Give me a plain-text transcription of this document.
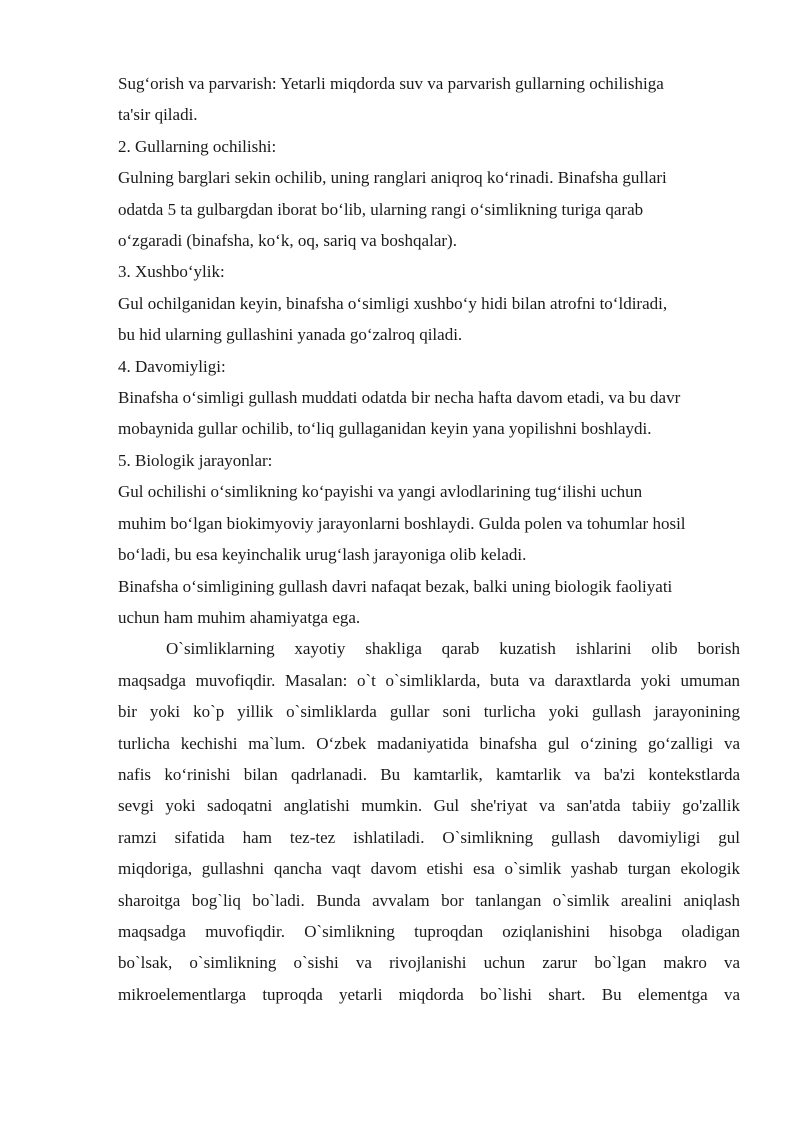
Sug‘orish va parvarish: Yetarli miqdorda suv va parvarish gullarning ochilishiga
ta'sir qiladi.
2. Gullarning ochilishi:
Gulning barglari sekin ochilib, uning ranglari aniqroq ko‘rinadi. Binafsha gullari
odatda 5 ta gulbargdan iborat bo‘lib, ularning rangi o‘simlikning turiga qarab
o‘zgaradi (binafsha, ko‘k, oq, sariq va boshqalar).
3. Xushbo‘ylik:
Gul ochilganidan keyin, binafsha o‘simligi xushbo‘y hidi bilan atrofni to‘ldiradi,
bu hid ularning gullashini yanada go‘zalroq qiladi.
4. Davomiyligi:
Binafsha o‘simligi gullash muddati odatda bir necha hafta davom etadi, va bu davr
mobaynida gullar ochilib, to‘liq gullaganidan keyin yana yopilishni boshlaydi.
5. Biologik jarayonlar:
Gul ochilishi o‘simlikning ko‘payishi va yangi avlodlarining tug‘ilishi uchun
muhim bo‘lgan biokimyoviy jarayonlarni boshlaydi. Gulda polen va tohumlar hosil
bo‘ladi, bu esa keyinchalik urug‘lash jarayoniga olib keladi.
Binafsha o‘simligining gullash davri nafaqat bezak, balki uning biologik faoliyati
uchun ham muhim ahamiyatga ega.
O`simliklarning xayotiy shakliga qarab kuzatish ishlarini olib borish
maqsadga muvofiqdir. Masalan: o`t o`simliklarda, buta va daraxtlarda yoki umuman
bir yoki ko`p yillik o`simliklarda gullar soni turlicha yoki gullash jarayonining
turlicha kechishi ma`lum. O‘zbek madaniyatida binafsha gul o‘zining go‘zalligi va
nafis ko‘rinishi bilan qadrlanadi. Bu kamtarlik, kamtarlik va ba'zi kontekstlarda
sevgi yoki sadoqatni anglatishi mumkin. Gul she'riyat va san'atda tabiiy go'zallik
ramzi sifatida ham tez-tez ishlatiladi. O`simlikning gullash davomiyligi gul
miqdoriga, gullashni qancha vaqt davom etishi esa o`simlik yashab turgan ekologik
sharoitga bog`liq bo`ladi. Bunda avvalam bor tanlangan o`simlik arealini aniqlash
maqsadga muvofiqdir. O`simlikning tuproqdan oziqlanishini hisobga oladigan
bo`lsak, o`simlikning o`sishi va rivojlanishi uchun zarur bo`lgan makro va
mikroelementlarga tuproqda yetarli miqdorda bo`lishi shart. Bu elementga va
